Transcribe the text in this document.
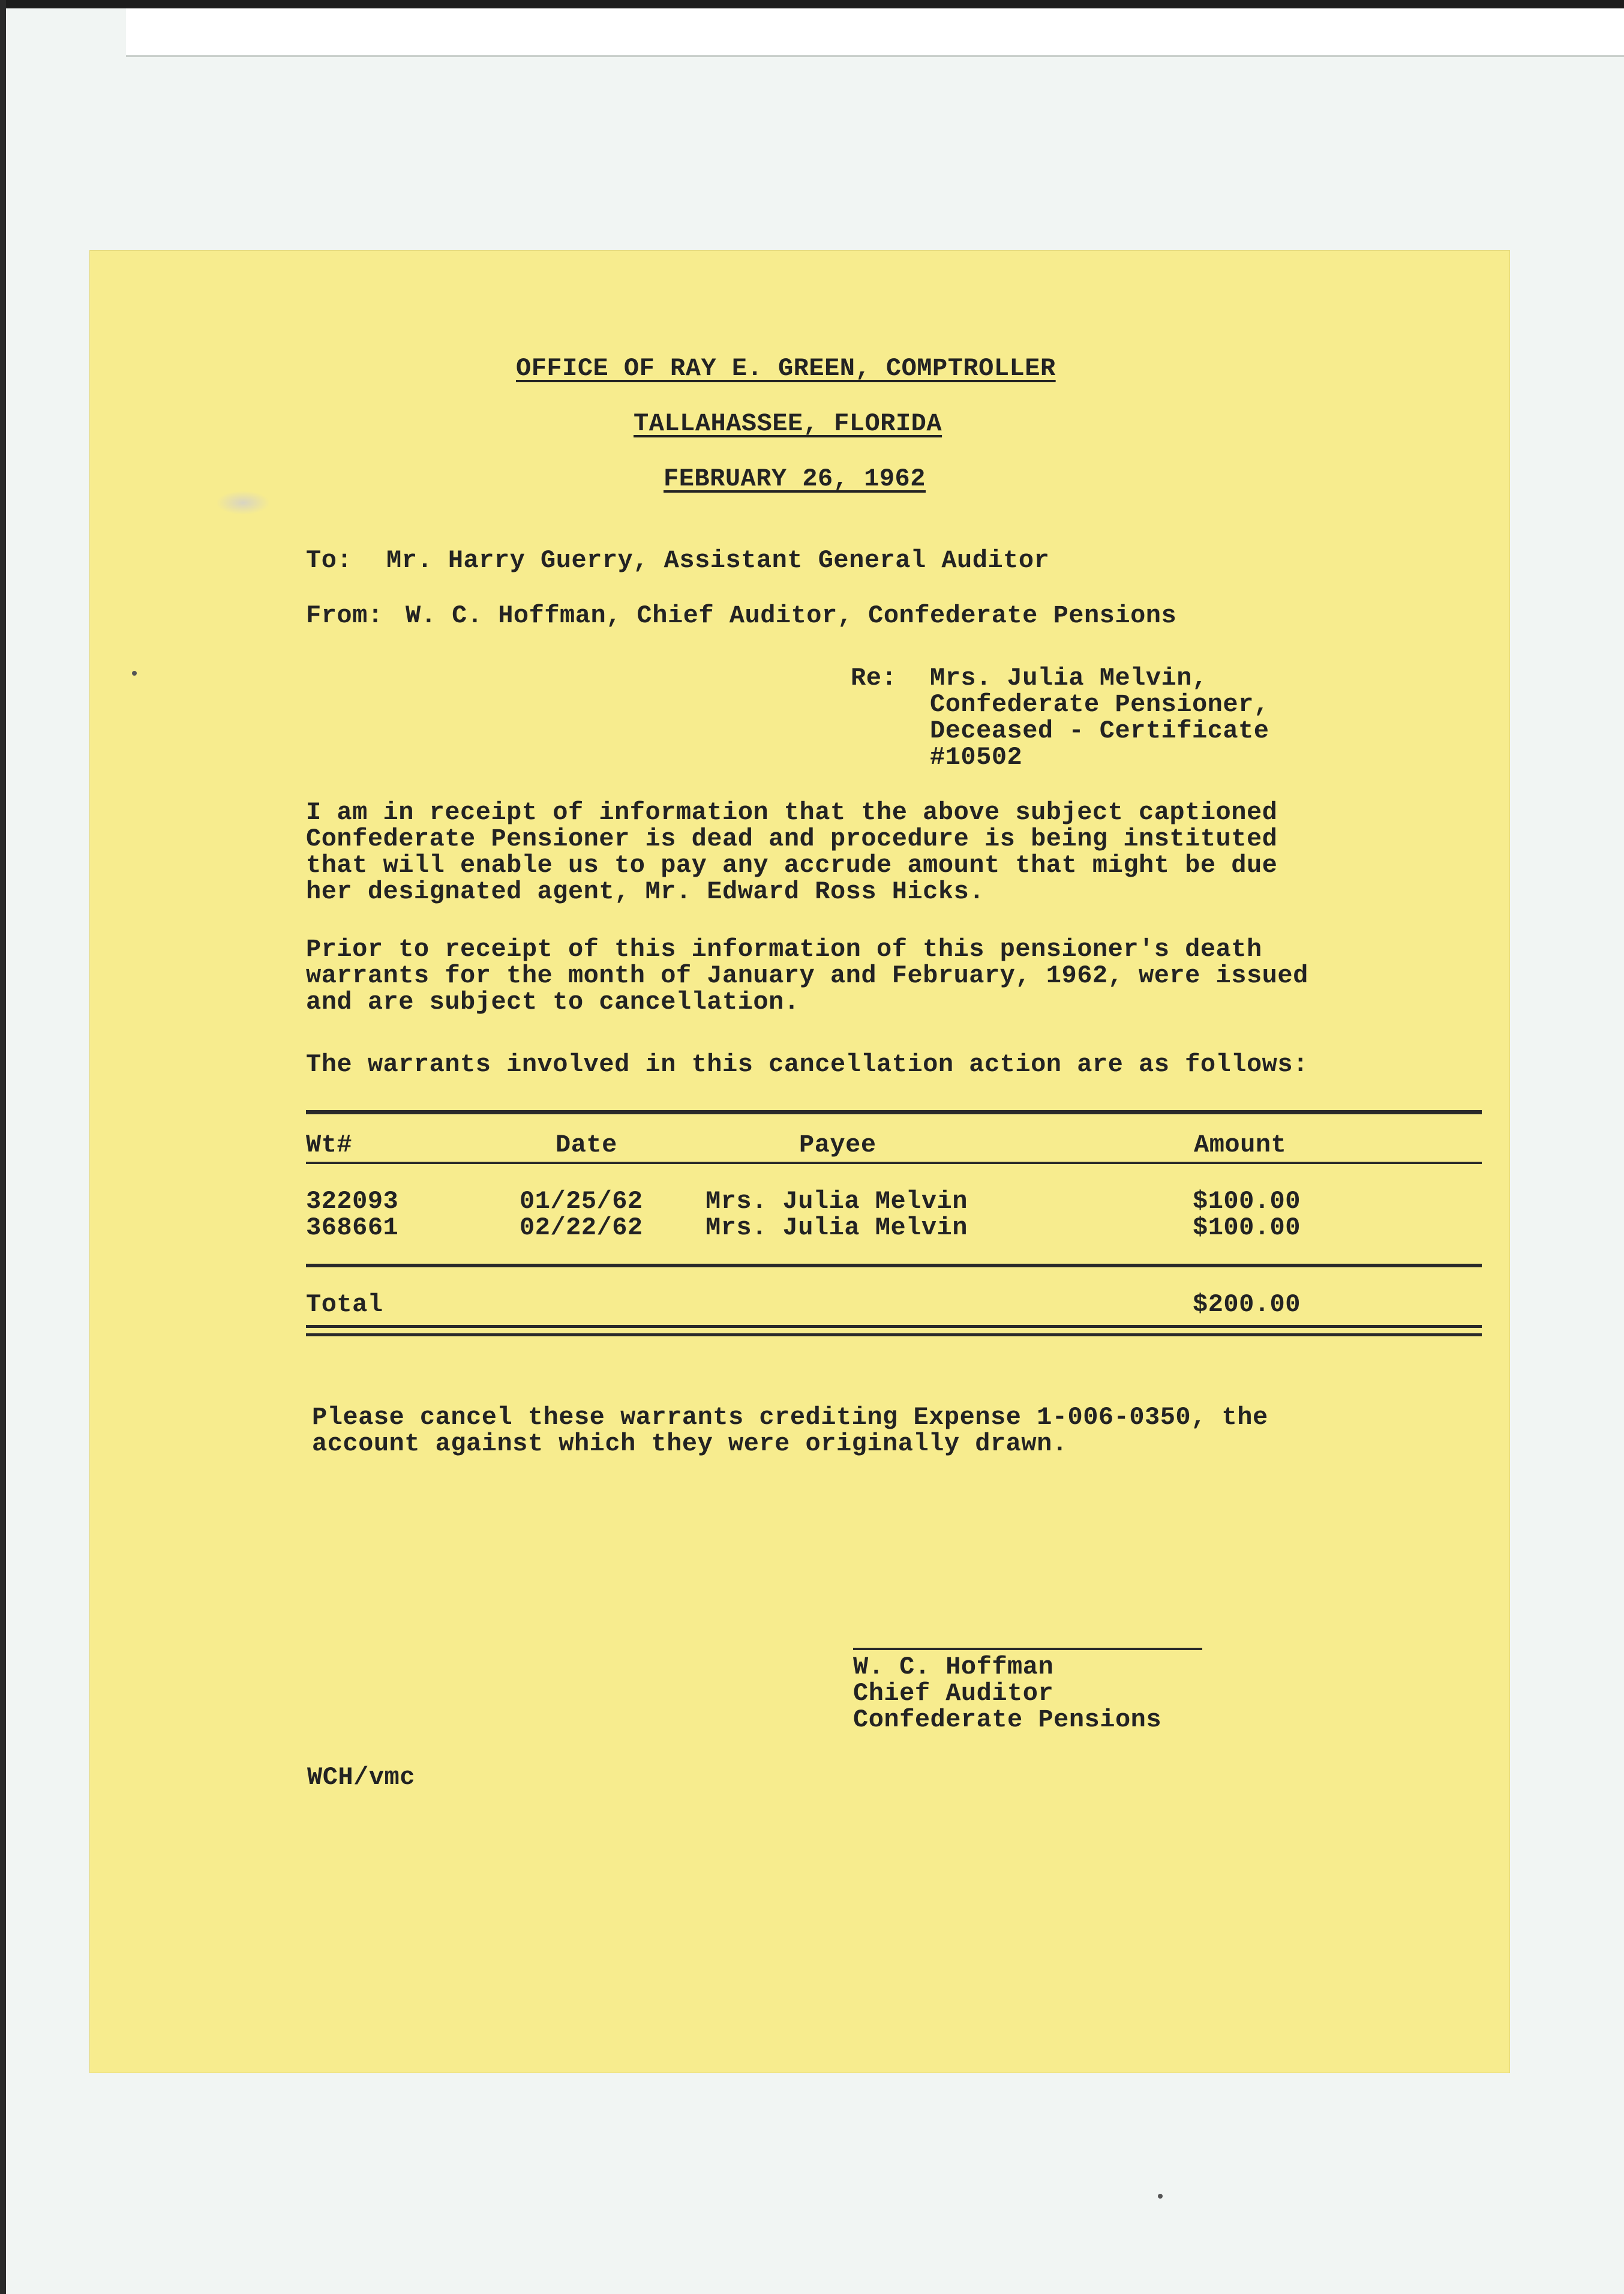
OFFICE OF RAY E. GREEN, COMPTROLLER
TALLAHASSEE, FLORIDA
FEBRUARY 26, 1962
To: Mr. Harry Guerry, Assistant General Auditor
From: W. C. Hoffman, Chief Auditor, Confederate Pensions
Re: Mrs. Julia Melvin,
Confederate Pensioner,
Deceased - Certificate
#10502
I am in receipt of information that the above subject captioned
Confederate Pensioner is dead and procedure is being instituted
that will enable us to pay any accrude amount that might be due
her designated agent, Mr. Edward Ross Hicks.
Prior to receipt of this information of this pensioner's death
warrants for the month of January and February, 1962, were issued
and are subject to cancellation.
The warrants involved in this cancellation action are as follows:
Wt#	Date	Payee	Amount
322093	01/25/62 Mrs. Julia Melvin	$100.00
368661	02/22/62 Mrs. Julia Melvin	$100.00
Total	$200.00
Please cancel these warrants crediting Expense 1-006-0350, the
account against which they were originally drawn.
W. C. Hoffman
Chief Auditor
Confederate Pensions
WCH/vmc
